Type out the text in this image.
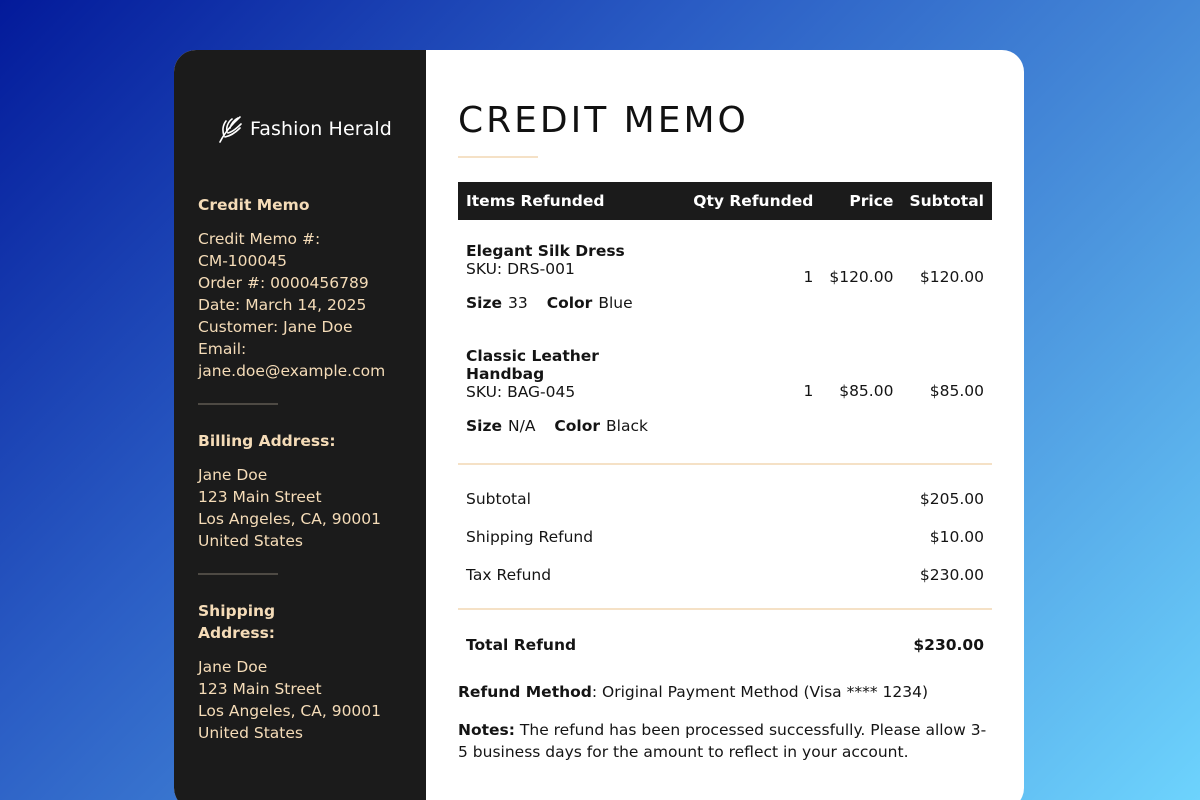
Fashion Herald
Credit Memo
Credit Memo #:
CM-100045
Order #: 0000456789
Date: March 14, 2025
Customer: Jane Doe
Email:
jane.doe@example.com
Billing Address:
Jane Doe
123 Main Street
Los Angeles, CA, 90001
United States
Shipping
Address:
Jane Doe
123 Main Street
Los Angeles, CA, 90001
United States
CREDIT MEMO
Items Refunded	Qty Refunded	Price	Subtotal

Elegant Silk Dress
SKU: DRS-001
Size 33 Color Blue	1	$120.00	$120.00

Classic Leather Handbag
SKU: BAG-045
Size N/A Color Black	1	$85.00	$85.00
Subtotal	$205.00
Shipping Refund	$10.00
Tax Refund	$230.00
Total Refund	$230.00
Refund Method: Original Payment Method (Visa **** 1234)
Notes: The refund has been processed successfully. Please allow 3-5 business days for the amount to reflect in your account.
